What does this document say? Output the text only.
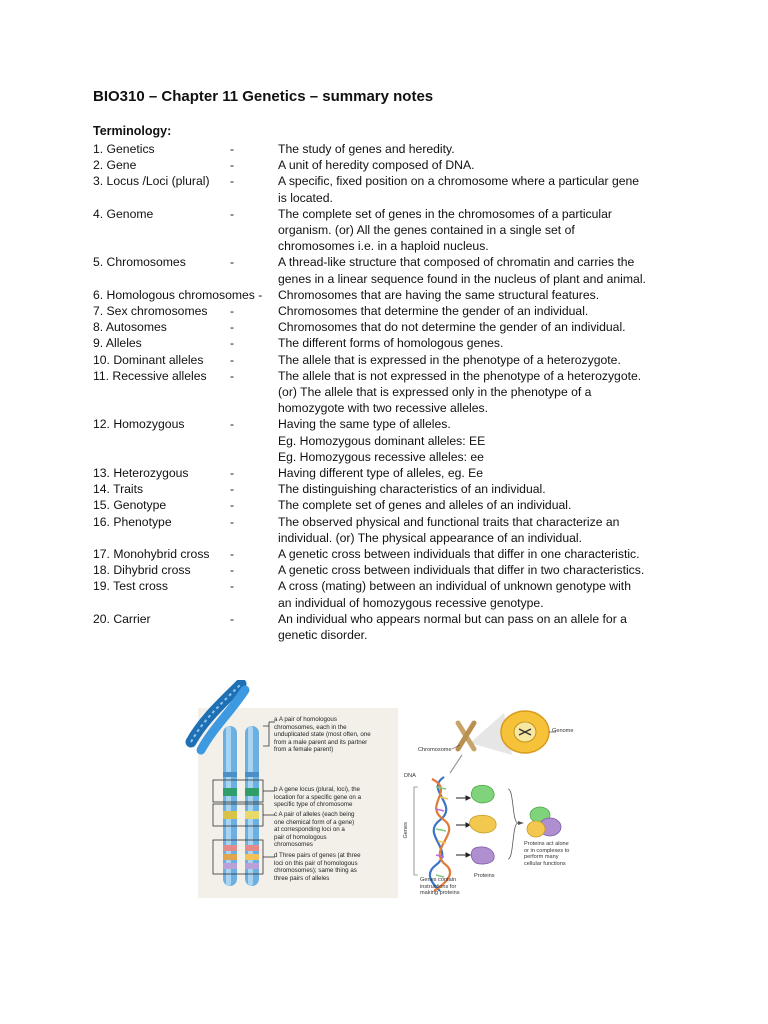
BIO310 – Chapter 11 Genetics – summary notes
Terminology:
1. Genetics	-	The study of genes and heredity.
2. Gene	-	A unit of heredity composed of DNA.
3. Locus /Loci (plural)	-	A specific, fixed position on a chromosome where a particular gene
is located.
4. Genome	-	The complete set of genes in the chromosomes of a particular
organism. (or) All the genes contained in a single set of
chromosomes i.e. in a haploid nucleus.
5. Chromosomes	-	A thread-like structure that composed of chromatin and carries the
genes in a linear sequence found in the nucleus of plant and animal.
6. Homologous chromosomes - Chromosomes that are having the same structural features.
7. Sex chromosomes	-	Chromosomes that determine the gender of an individual.
8. Autosomes	-	Chromosomes that do not determine the gender of an individual.
9. Alleles	-	The different forms of homologous genes.
10. Dominant alleles	-	The allele that is expressed in the phenotype of a heterozygote.
11. Recessive alleles	-	The allele that is not expressed in the phenotype of a heterozygote.
(or) The allele that is expressed only in the phenotype of a
homozygote with two recessive alleles.
12. Homozygous	-	Having the same type of alleles.
Eg. Homozygous dominant alleles: EE
Eg. Homozygous recessive alleles: ee
13. Heterozygous	-	Having different type of alleles, eg. Ee
14. Traits	-	The distinguishing characteristics of an individual.
15. Genotype	-	The complete set of genes and alleles of an individual.
16. Phenotype	-	The observed physical and functional traits that characterize an
individual. (or) The physical appearance of an individual.
17. Monohybrid cross	-	A genetic cross between individuals that differ in one characteristic.
18. Dihybrid cross	-	A genetic cross between individuals that differ in two characteristics.
19. Test cross	-	A cross (mating) between an individual of unknown genotype with
an individual of homozygous recessive genotype.
20. Carrier	-	An individual who appears normal but can pass on an allele for a
genetic disorder.
a A pair of homologous
chromosomes, each in the
unduplicated state (most often, one
from a male parent and its partner
from a female parent)
b A gene locus (plural, loci), the
location for a specific gene on a
specific type of chromosome
c A pair of alleles (each being
one chemical form of a gene)
at corresponding loci on a
pair of homologous
chromosomes
d Three pairs of genes (at three
loci on this pair of homologous
chromosomes); same thing as
three pairs of alleles
Genome
Chromosome
DNA
Genes
Proteins
Genes contain
instructions for
making proteins
Proteins act alone
or in complexes to
perform many
cellular functions
